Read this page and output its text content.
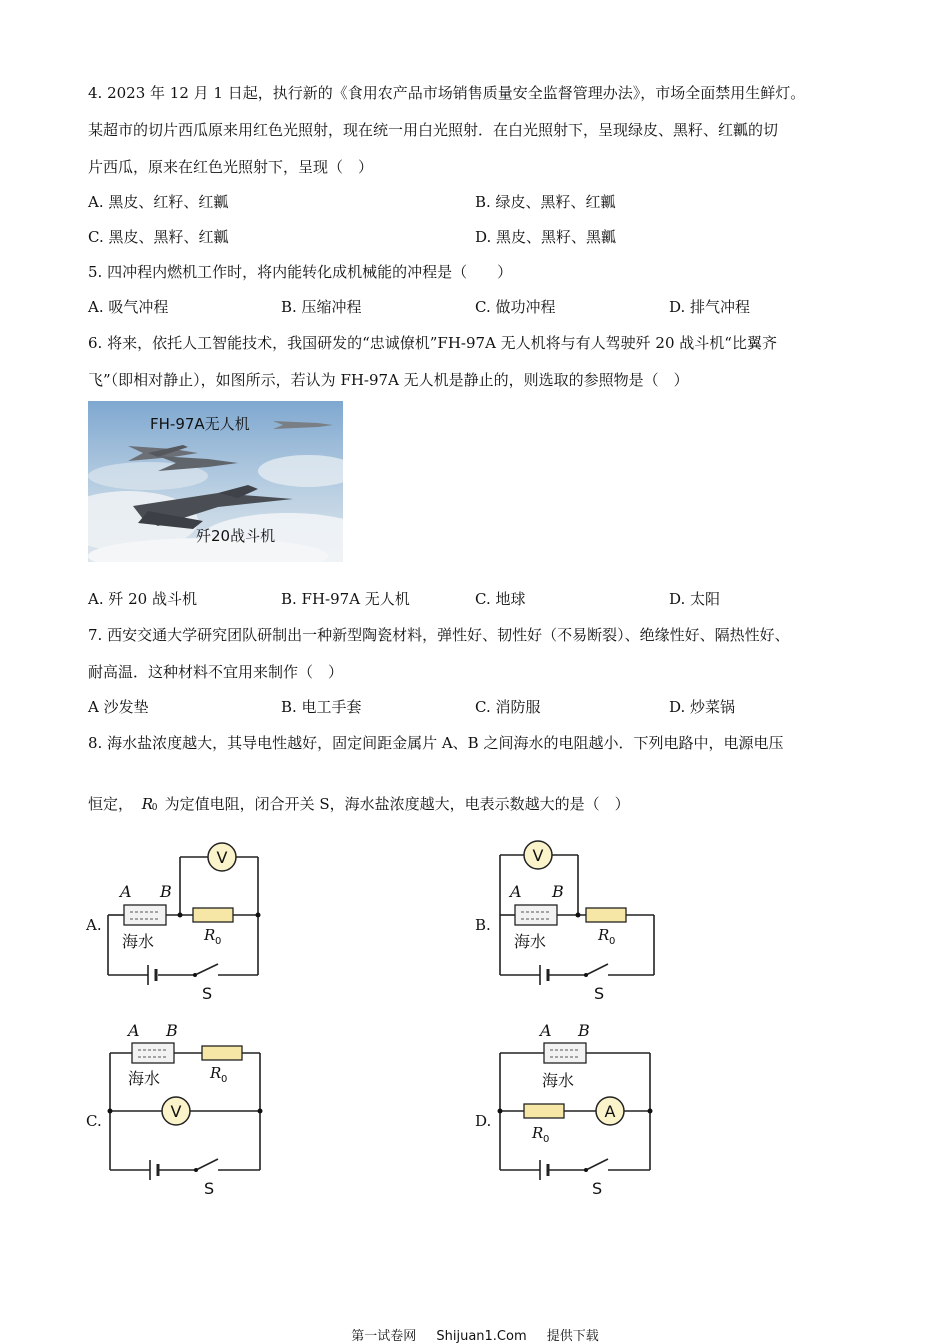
4. 2023 年 12 月 1 日起，执行新的《食用农产品市场销售质量安全监督管理办法》，市场全面禁用生鲜灯。
某超市的切片西瓜原来用红色光照射，现在统一用白光照射．在白光照射下，呈现绿皮、黑籽、红瓤的切
片西瓜，原来在红色光照射下，呈现（　）
A. 黑皮、红籽、红瓤	B. 绿皮、黑籽、红瓤
C. 黑皮、黑籽、红瓤	D. 黑皮、黑籽、黑瓤
5. 四冲程内燃机工作时，将内能转化成机械能的冲程是（　　）
A. 吸气冲程	B. 压缩冲程	C. 做功冲程	D. 排气冲程
6. 将来，依托人工智能技术，我国研发的“忠诚僚机”FH-97A 无人机将与有人驾驶歼 20 战斗机“比翼齐
飞”（即相对静止），如图所示，若认为 FH-97A 无人机是静止的，则选取的参照物是（　）
FH-97A无人机
歼20战斗机
A. 歼 20 战斗机	B. FH-97A 无人机	C. 地球	D. 太阳
7. 西安交通大学研究团队研制出一种新型陶瓷材料，弹性好、韧性好（不易断裂）、绝缘性好、隔热性好、
耐高温．这种材料不宜用来制作（　）
A 沙发垫	B. 电工手套	C. 消防服	D. 炒菜锅
8. 海水盐浓度越大，其导电性越好，固定间距金属片 A、B 之间海水的电阻越小．下列电路中，电源电压
恒定， R
0 为定值电阻，闭合开关 S，海水盐浓度越大，电表示数越大的是（　）
A.	B.
C.	D.
V
A B
海水	R 0
S
V
A B
海水	R 0
S
V
A B
海水	R 0
S
A
A B
海水
R 0
S
第一试卷网 Shijuan1.Com 提供下载
